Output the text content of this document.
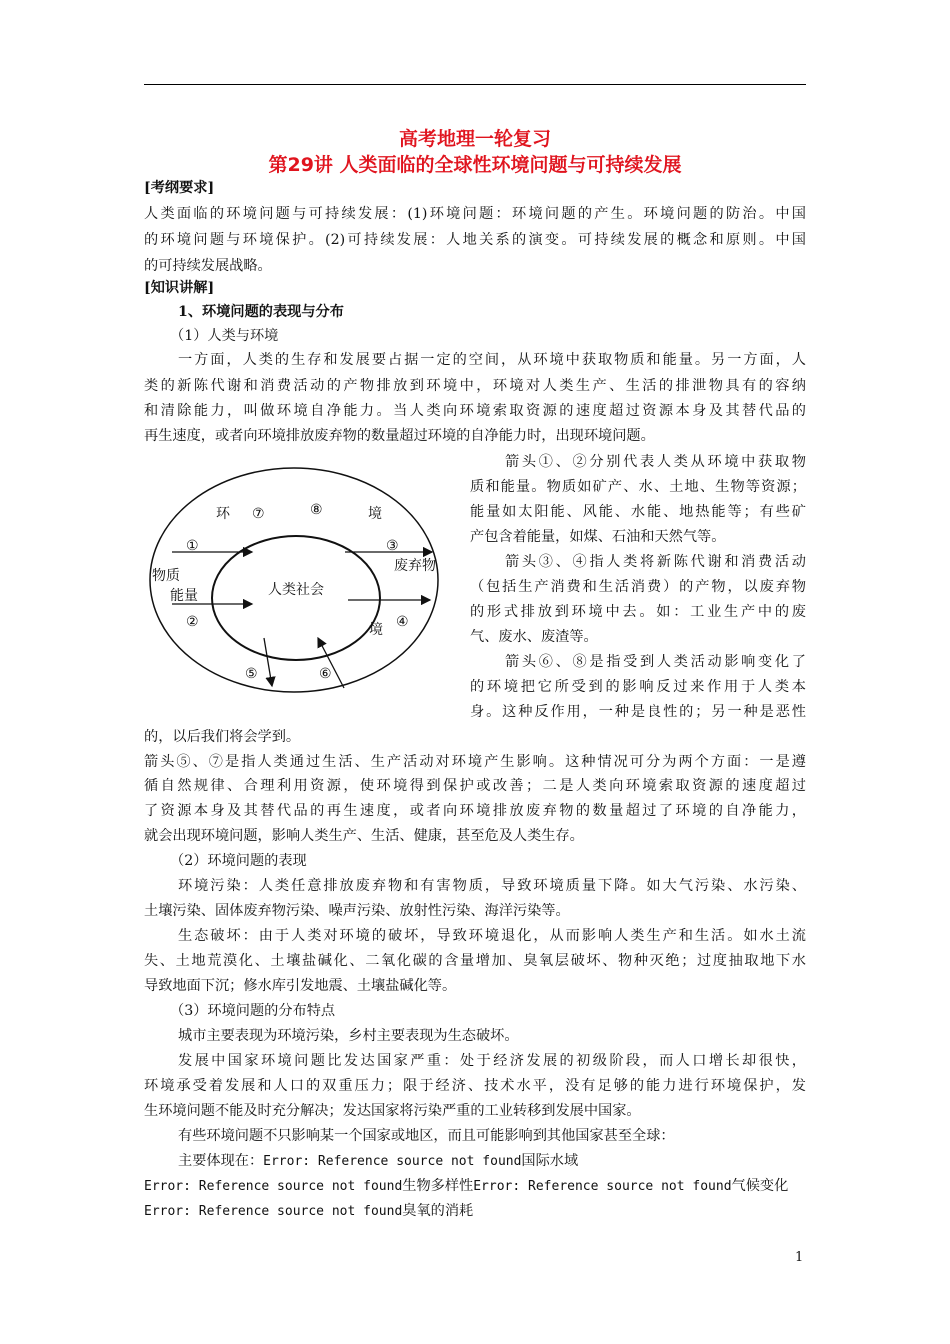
高考地理一轮复习
第29讲 人类面临的全球性环境问题与可持续发展
[考纲要求]
人类面临的环境问题与可持续发展：(1)环境问题：环境问题的产生。环境问题的防治。中国
的环境问题与环境保护。(2)可持续发展：人地关系的演变。可持续发展的概念和原则。中国
的可持续发展战略。
[知识讲解]
1、环境问题的表现与分布
（1）人类与环境
一方面，人类的生存和发展要占据一定的空间，从环境中获取物质和能量。另一方面，人
类的新陈代谢和消费活动的产物排放到环境中，环境对人类生产、生活的排泄物具有的容纳
和清除能力，叫做环境自净能力。当人类向环境索取资源的速度超过资源本身及其替代品的
再生速度，或者向环境排放废弃物的数量超过环境的自净能力时，出现环境问题。
环 ⑦	⑧	境
①	③
物质
能量	人类社会
废弃物
②	境 ④
⑤	⑥
箭头①、②分别代表人类从环境中获取物
质和能量。物质如矿产、水、土地、生物等资源；
能量如太阳能、风能、水能、地热能等；有些矿
产包含着能量，如煤、石油和天然气等。
箭头③、④指人类将新陈代谢和消费活动
（包括生产消费和生活消费）的产物，以废弃物
的形式排放到环境中去。如：工业生产中的废
气、废水、废渣等。
箭头⑥、⑧是指受到人类活动影响变化了
的环境把它所受到的影响反过来作用于人类本
身。这种反作用，一种是良性的；另一种是恶性
的，以后我们将会学到。
箭头⑤、⑦是指人类通过生活、生产活动对环境产生影响。这种情况可分为两个方面：一是遵
循自然规律、合理利用资源，使环境得到保护或改善；二是人类向环境索取资源的速度超过
了资源本身及其替代品的再生速度，或者向环境排放废弃物的数量超过了环境的自净能力，
就会出现环境问题，影响人类生产、生活、健康，甚至危及人类生存。
（2）环境问题的表现
环境污染：人类任意排放废弃物和有害物质，导致环境质量下降。如大气污染、水污染、
土壤污染、固体废弃物污染、噪声污染、放射性污染、海洋污染等。
生态破坏：由于人类对环境的破坏，导致环境退化，从而影响人类生产和生活。如水土流
失、土地荒漠化、土壤盐碱化、二氧化碳的含量增加、臭氧层破坏、物种灭绝；过度抽取地下水
导致地面下沉；修水库引发地震、土壤盐碱化等。
（3）环境问题的分布特点
城市主要表现为环境污染，乡村主要表现为生态破坏。
发展中国家环境问题比发达国家严重：处于经济发展的初级阶段，而人口增长却很快，
环境承受着发展和人口的双重压力；限于经济、技术水平，没有足够的能力进行环境保护，发
生环境问题不能及时充分解决；发达国家将污染严重的工业转移到发展中国家。
有些环境问题不只影响某一个国家或地区，而且可能影响到其他国家甚至全球：
主要体现在：Error: Reference source not found国际水域
Error: Reference source not found生物多样性Error: Reference source not found气候变化
Error: Reference source not found臭氧的消耗
1
